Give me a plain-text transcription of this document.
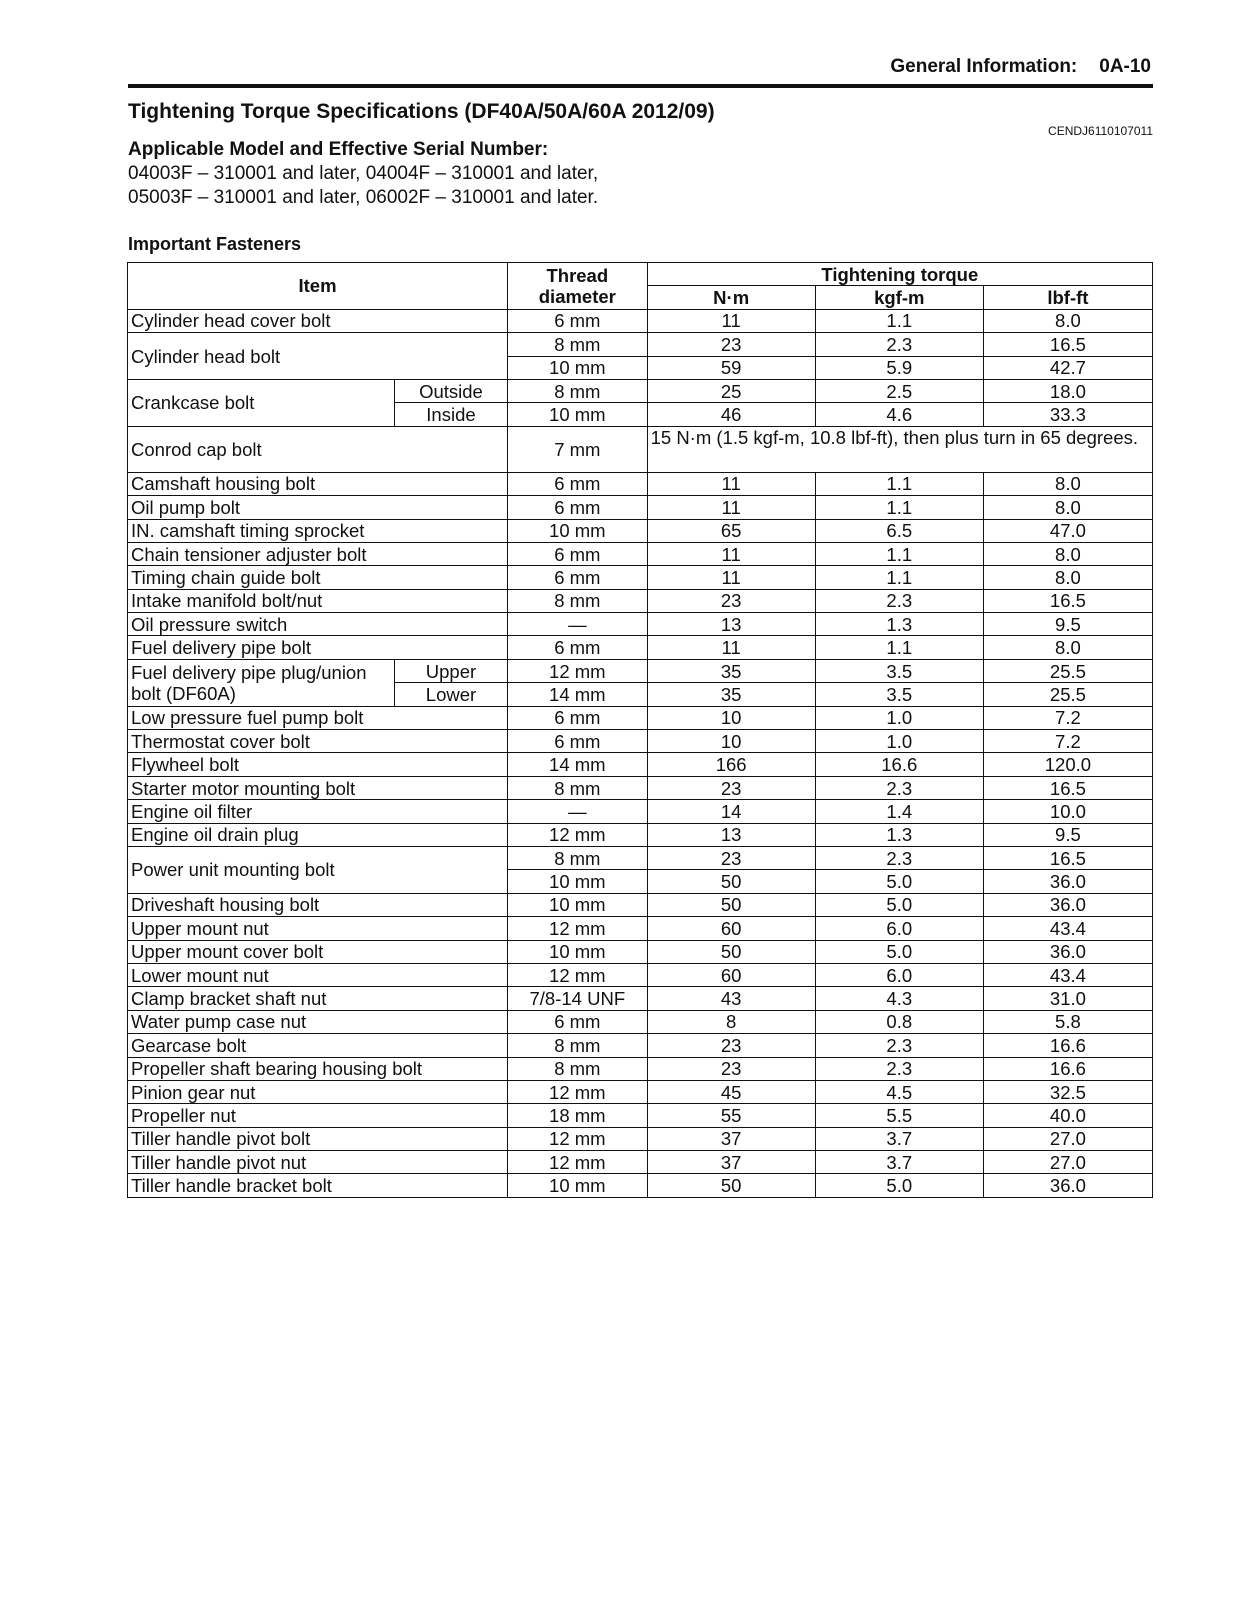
General Information: 0A-10
Tightening Torque Specifications (DF40A/50A/60A 2012/09)
CENDJ6110107011
Applicable Model and Effective Serial Number:
04003F – 310001 and later, 04004F – 310001 and later,
05003F – 310001 and later, 06002F – 310001 and later.
Important Fasteners
Item		Thread diameter	Tightening torque		
			N·m	kgf-m	lbf-ft
Cylinder head cover bolt		6 mm	11	1.1	8.0
Cylinder head bolt		8 mm	23	2.3	16.5
		10 mm	59	5.9	42.7
Crankcase bolt	Outside	8 mm	25	2.5	18.0
	Inside	10 mm	46	4.6	33.3
Conrod cap bolt		7 mm	15 N·m (1.5 kgf-m, 10.8 lbf-ft), then plus turn in 65 degrees.		
Camshaft housing bolt		6 mm	11	1.1	8.0
Oil pump bolt		6 mm	11	1.1	8.0
IN. camshaft timing sprocket		10 mm	65	6.5	47.0
Chain tensioner adjuster bolt		6 mm	11	1.1	8.0
Timing chain guide bolt		6 mm	11	1.1	8.0
Intake manifold bolt/nut		8 mm	23	2.3	16.5
Oil pressure switch		—	13	1.3	9.5
Fuel delivery pipe bolt		6 mm	11	1.1	8.0
Fuel delivery pipe plug/union bolt (DF60A)	Upper	12 mm	35	3.5	25.5
	Lower	14 mm	35	3.5	25.5
Low pressure fuel pump bolt		6 mm	10	1.0	7.2
Thermostat cover bolt		6 mm	10	1.0	7.2
Flywheel bolt		14 mm	166	16.6	120.0
Starter motor mounting bolt		8 mm	23	2.3	16.5
Engine oil filter		—	14	1.4	10.0
Engine oil drain plug		12 mm	13	1.3	9.5
Power unit mounting bolt		8 mm	23	2.3	16.5
		10 mm	50	5.0	36.0
Driveshaft housing bolt		10 mm	50	5.0	36.0
Upper mount nut		12 mm	60	6.0	43.4
Upper mount cover bolt		10 mm	50	5.0	36.0
Lower mount nut		12 mm	60	6.0	43.4
Clamp bracket shaft nut		7/8-14 UNF	43	4.3	31.0
Water pump case nut		6 mm	8	0.8	5.8
Gearcase bolt		8 mm	23	2.3	16.6
Propeller shaft bearing housing bolt		8 mm	23	2.3	16.6
Pinion gear nut		12 mm	45	4.5	32.5
Propeller nut		18 mm	55	5.5	40.0
Tiller handle pivot bolt		12 mm	37	3.7	27.0
Tiller handle pivot nut		12 mm	37	3.7	27.0
Tiller handle bracket bolt		10 mm	50	5.0	36.0
